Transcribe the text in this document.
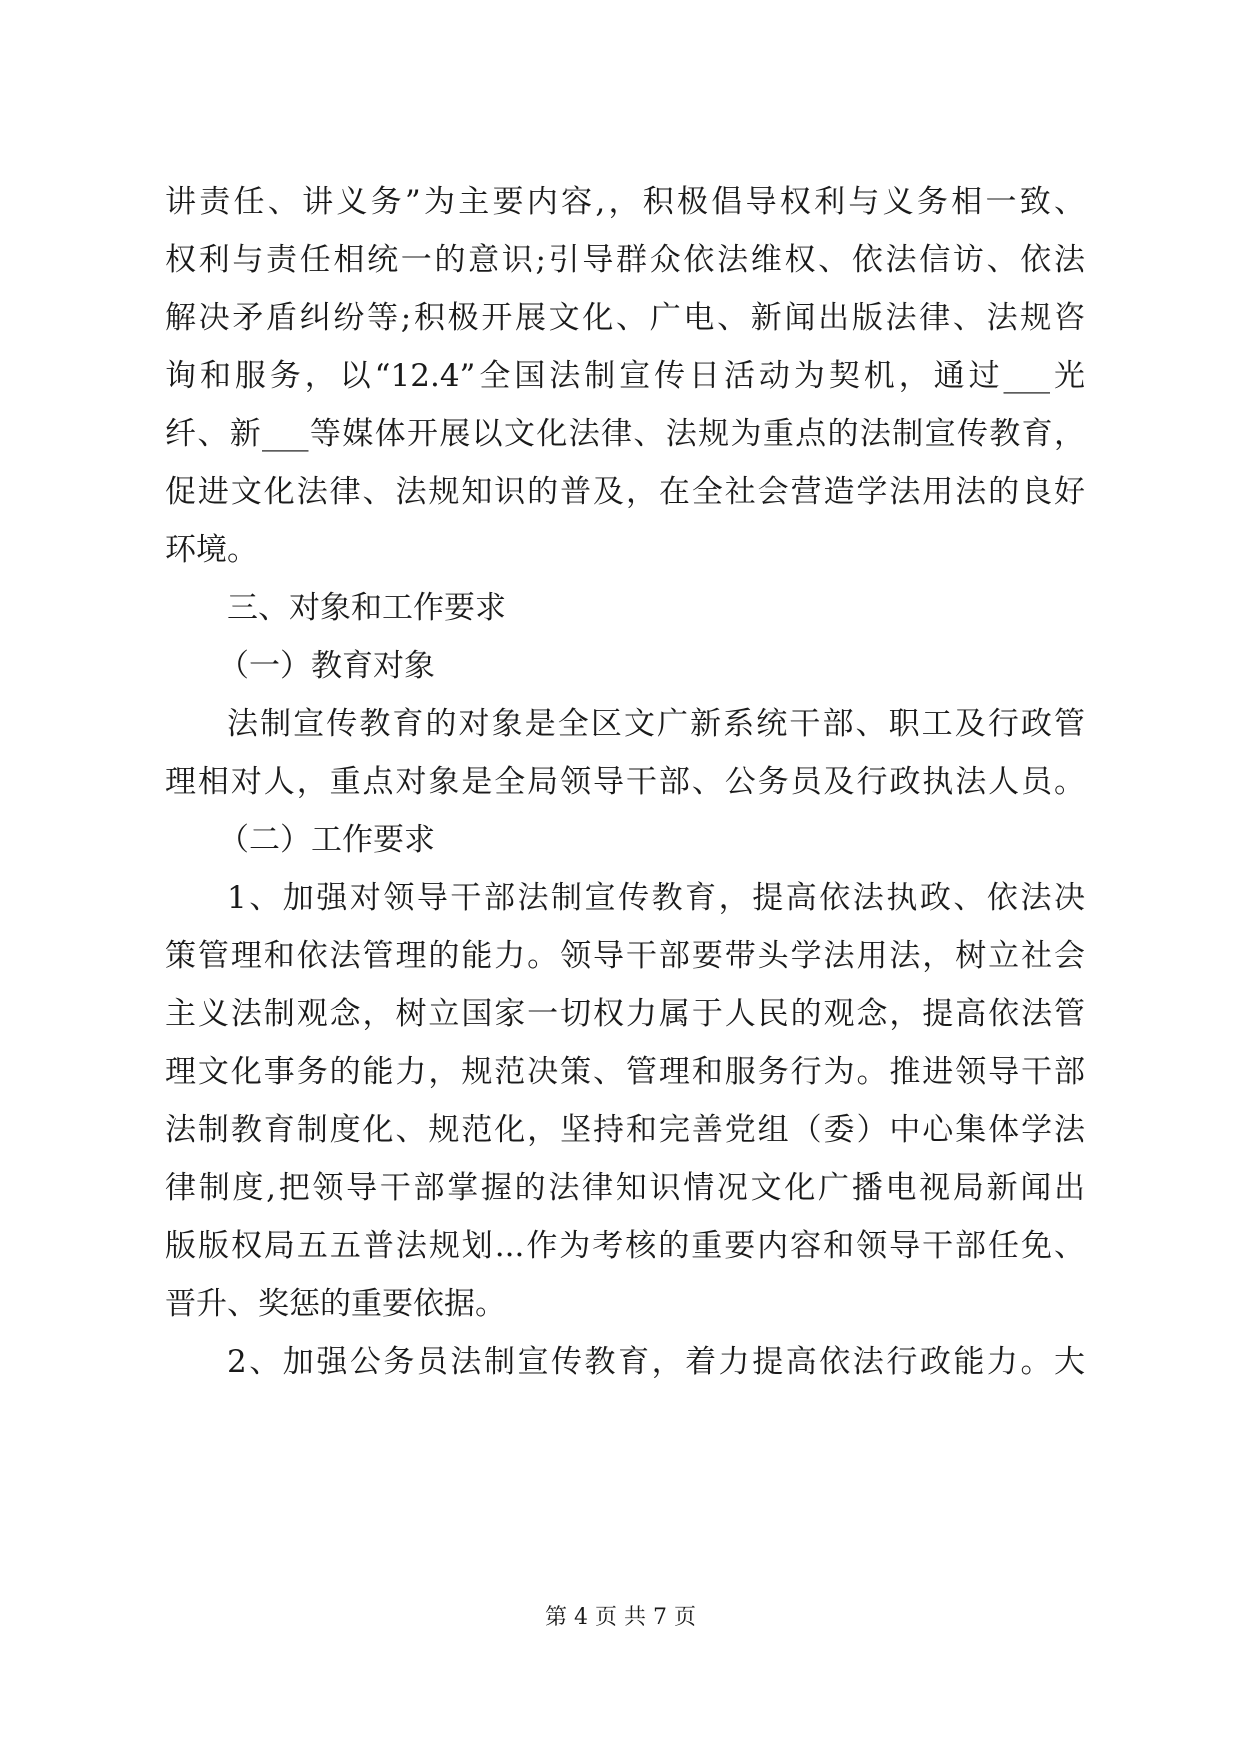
讲责任、讲义务”为主要内容,，积极倡导权利与义务相一致、
权利与责任相统一的意识;引导群众依法维权、依法信访、依法
解决矛盾纠纷等;积极开展文化、广电、新闻出版法律、法规咨
询和服务，以“12.4”全国法制宣传日活动为契机，通过___光
纤、新___等媒体开展以文化法律、法规为重点的法制宣传教育，
促进文化法律、法规知识的普及，在全社会营造学法用法的良好
环境。
三、对象和工作要求
（一）教育对象
法制宣传教育的对象是全区文广新系统干部、职工及行政管
理相对人，重点对象是全局领导干部、公务员及行政执法人员。
（二）工作要求
1、加强对领导干部法制宣传教育，提高依法执政、依法决
策管理和依法管理的能力。领导干部要带头学法用法，树立社会
主义法制观念，树立国家一切权力属于人民的观念，提高依法管
理文化事务的能力，规范决策、管理和服务行为。推进领导干部
法制教育制度化、规范化，坚持和完善党组（委）中心集体学法
律制度,把领导干部掌握的法律知识情况文化广播电视局新闻出
版版权局五五普法规划...作为考核的重要内容和领导干部任免、
晋升、奖惩的重要依据。
2、加强公务员法制宣传教育，着力提高依法行政能力。大
第 4 页 共 7 页
